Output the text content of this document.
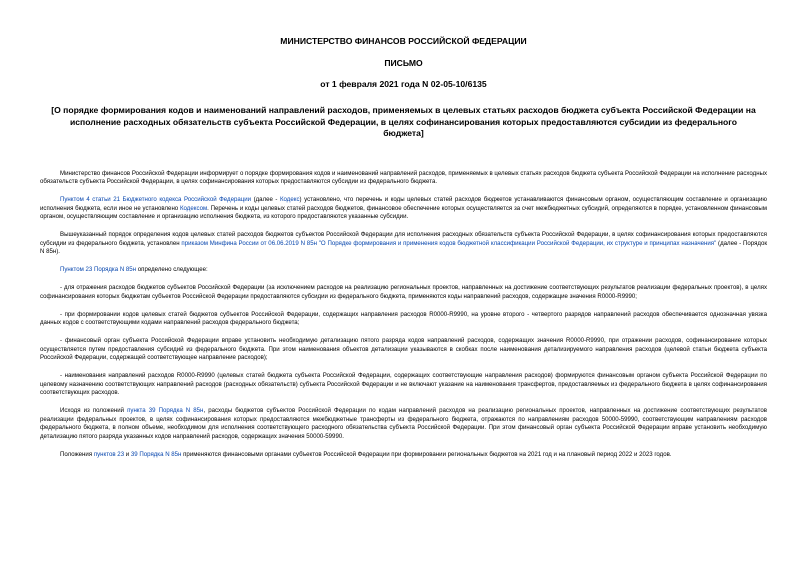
МИНИСТЕРСТВО ФИНАНСОВ РОССИЙСКОЙ ФЕДЕРАЦИИ
ПИСЬМО
от 1 февраля 2021 года N 02-05-10/6135
[О порядке формирования кодов и наименований направлений расходов, применяемых в целевых статьях расходов бюджета субъекта Российской Федерации на исполнение расходных обязательств субъекта Российской Федерации, в целях софинансирования которых предоставляются субсидии из федерального бюджета]

Министерство финансов Российской Федерации информирует о порядке формирования кодов и наименований направлений расходов, применяемых в целевых статьях расходов бюджета субъекта Российской Федерации на исполнение расходных обязательств субъекта Российской Федерации, в целях софинансирования которых предоставляются субсидии из федерального бюджета.

Пунктом 4 статьи 21 Бюджетного кодекса Российской Федерации (далее - Кодекс) установлено, что перечень и коды целевых статей расходов бюджетов устанавливаются финансовым органом, осуществляющим составление и организацию исполнения бюджета, если иное не установлено Кодексом. Перечень и коды целевых статей расходов бюджетов, финансовое обеспечение которых осуществляется за счет межбюджетных субсидий, определяются в порядке, установленном финансовым органом, осуществляющим составление и организацию исполнения бюджета, из которого предоставляются указанные субсидии.

Вышеуказанный порядок определения кодов целевых статей расходов бюджетов субъектов Российской Федерации для исполнения расходных обязательств субъекта Российской Федерации, в целях софинансирования которых предоставляются субсидии из федерального бюджета, установлен приказом Минфина России от 06.06.2019 N 85н "О Порядке формирования и применения кодов бюджетной классификации Российской Федерации, их структуре и принципах назначения" (далее - Порядок N 85н).

Пунктом 23 Порядка N 85н определено следующее:

- для отражения расходов бюджетов субъектов Российской Федерации (за исключением расходов на реализацию региональных проектов, направленных на достижение соответствующих результатов реализации федеральных проектов), в целях софинансирования которых бюджетам субъектов Российской Федерации предоставляются субсидии из федерального бюджета, применяются коды направлений расходов, содержащие значения R0000-R9990;

- при формировании кодов целевых статей бюджетов субъектов Российской Федерации, содержащих направления расходов R0000-R9990, на уровне второго - четвертого разрядов направлений расходов обеспечивается однозначная увязка данных кодов с соответствующими кодами направлений расходов федерального бюджета;

- финансовый орган субъекта Российской Федерации вправе установить необходимую детализацию пятого разряда кодов направлений расходов, содержащих значения R0000-R9990, при отражении расходов, софинансирование которых осуществляется путем предоставления субсидий из федерального бюджета. При этом наименования объектов детализации указываются в скобках после наименования детализируемого направления расходов (целевой статьи бюджета субъекта Российской Федерации, содержащей соответствующее направление расходов);

- наименования направлений расходов R0000-R9990 (целевых статей бюджета субъекта Российской Федерации, содержащих соответствующие направления расходов) формируются финансовым органом субъекта Российской Федерации по целевому назначению соответствующих направлений расходов (расходных обязательств) субъекта Российской Федерации и не включают указание на наименования трансфертов, предоставляемых из федерального бюджета в целях софинансирования соответствующих расходов.

Исходя из положений пункта 39 Порядка N 85н, расходы бюджетов субъектов Российской Федерации по кодам направлений расходов на реализацию региональных проектов, направленных на достижение соответствующих результатов реализации федеральных проектов, в целях софинансирования которых предоставляются межбюджетные трансферты из федерального бюджета, отражаются по направлениям расходов 50000-59990, соответствующим направлениям расходов федерального бюджета, в полном объеме, необходимом для исполнения соответствующего расходного обязательства субъекта Российской Федерации. При этом финансовый орган субъекта Российской Федерации вправе установить необходимую детализацию пятого разряда указанных кодов направлений расходов, содержащих значения 50000-59990.

Положения пунктов 23 и 39 Порядка N 85н применяются финансовыми органами субъектов Российской Федерации при формировании региональных бюджетов на 2021 год и на плановый период 2022 и 2023 годов.
